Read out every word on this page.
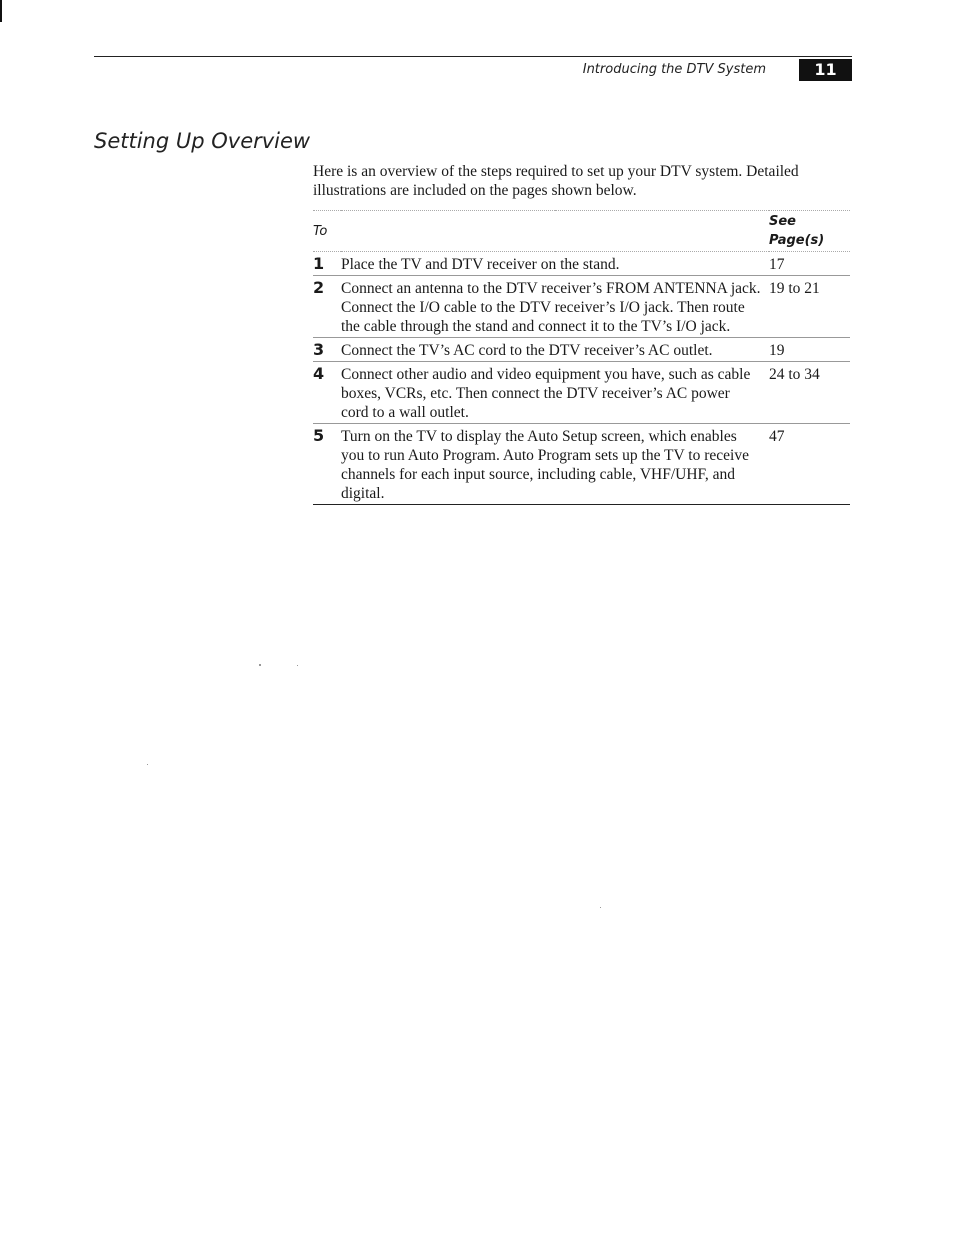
Introducing the DTV System	11
Setting Up Overview

Here is an overview of the steps required to set up your DTV system. Detailed illustrations are included on the pages shown below.

To			See Page(s)
1	Place the TV and DTV receiver on the stand.		17
2	Connect an antenna to the DTV receiver’s FROM ANTENNA jack. Connect the I/O cable to the DTV receiver’s I/O jack. Then route the cable through the stand and connect it to the TV’s I/O jack.		19 to 21
3	Connect the TV’s AC cord to the DTV receiver’s AC outlet.		19
4	Connect other audio and video equipment you have, such as cable boxes, VCRs, etc. Then connect the DTV receiver’s AC power cord to a wall outlet.		24 to 34
5	Turn on the TV to display the Auto Setup screen, which enables you to run Auto Program. Auto Program sets up the TV to receive channels for each input source, including cable, VHF/UHF, and digital.		47
